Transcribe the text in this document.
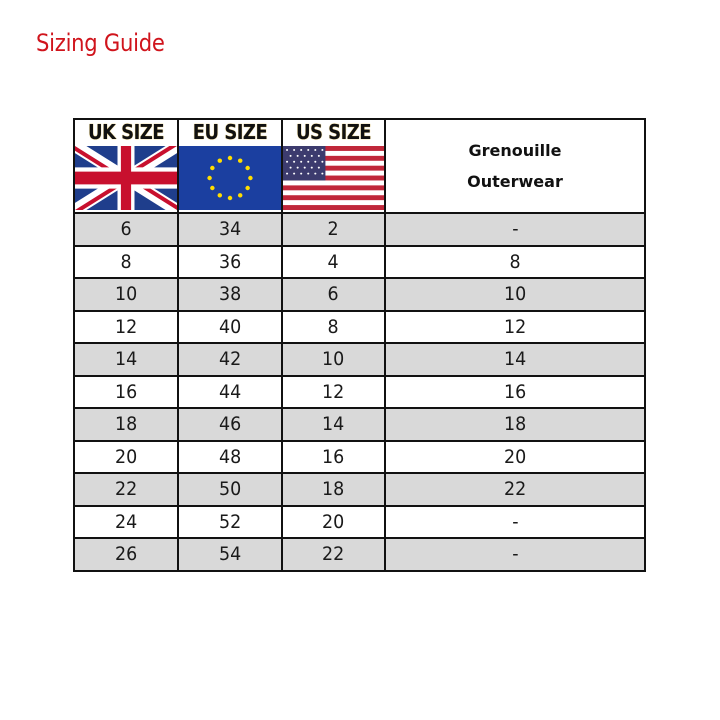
Sizing Guide
UK SIZE	EU SIZE	US SIZE	Grenouille
Outerwear

6	34	2	-
8	36	4	8
10	38	6	10
12	40	8	12
14	42	10	14
16	44	12	16
18	46	14	18
20	48	16	20
22	50	18	22
24	52	20	-
26	54	22	-
